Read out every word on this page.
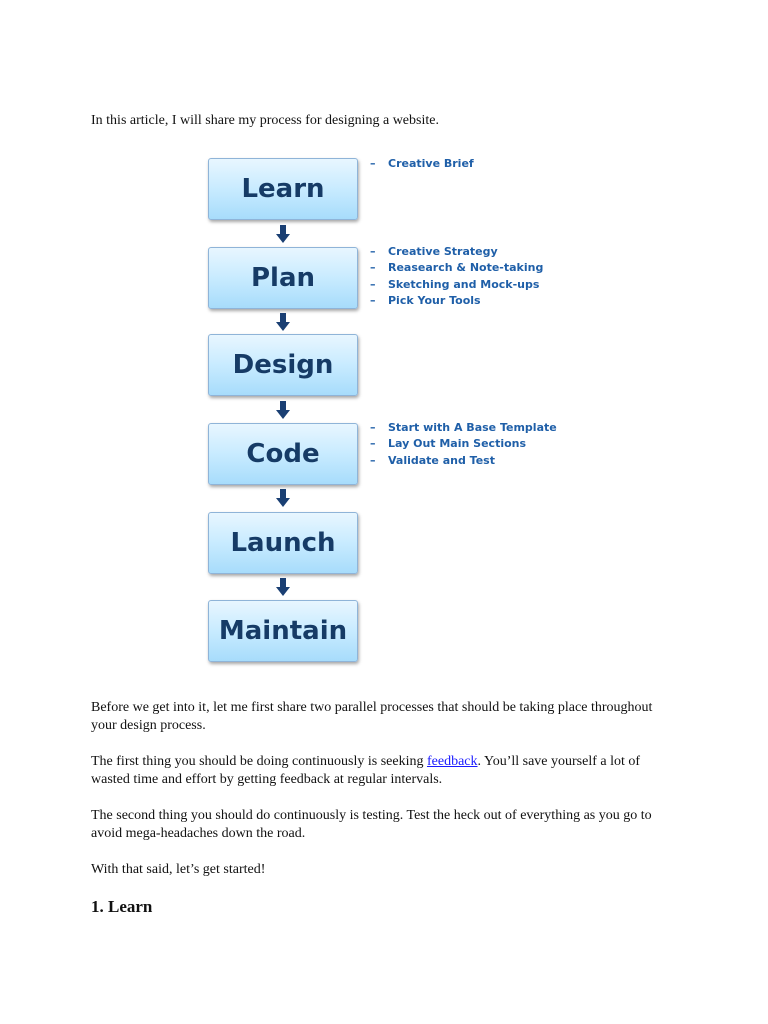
In this article, I will share my process for designing a website.

Learn
Plan
Design
Code
Launch
Maintain
– Creative Brief
– Creative Strategy
– Reasearch & Note-taking
– Sketching and Mock-ups
– Pick Your Tools
– Start with A Base Template
– Lay Out Main Sections
– Validate and Test

Before we get into it, let me first share two parallel processes that should be taking place throughout your design process.

The first thing you should be doing continuously is seeking feedback. You’ll save yourself a lot of wasted time and effort by getting feedback at regular intervals.

The second thing you should do continuously is testing. Test the heck out of everything as you go to avoid mega-headaches down the road.

With that said, let’s get started!

1. Learn
